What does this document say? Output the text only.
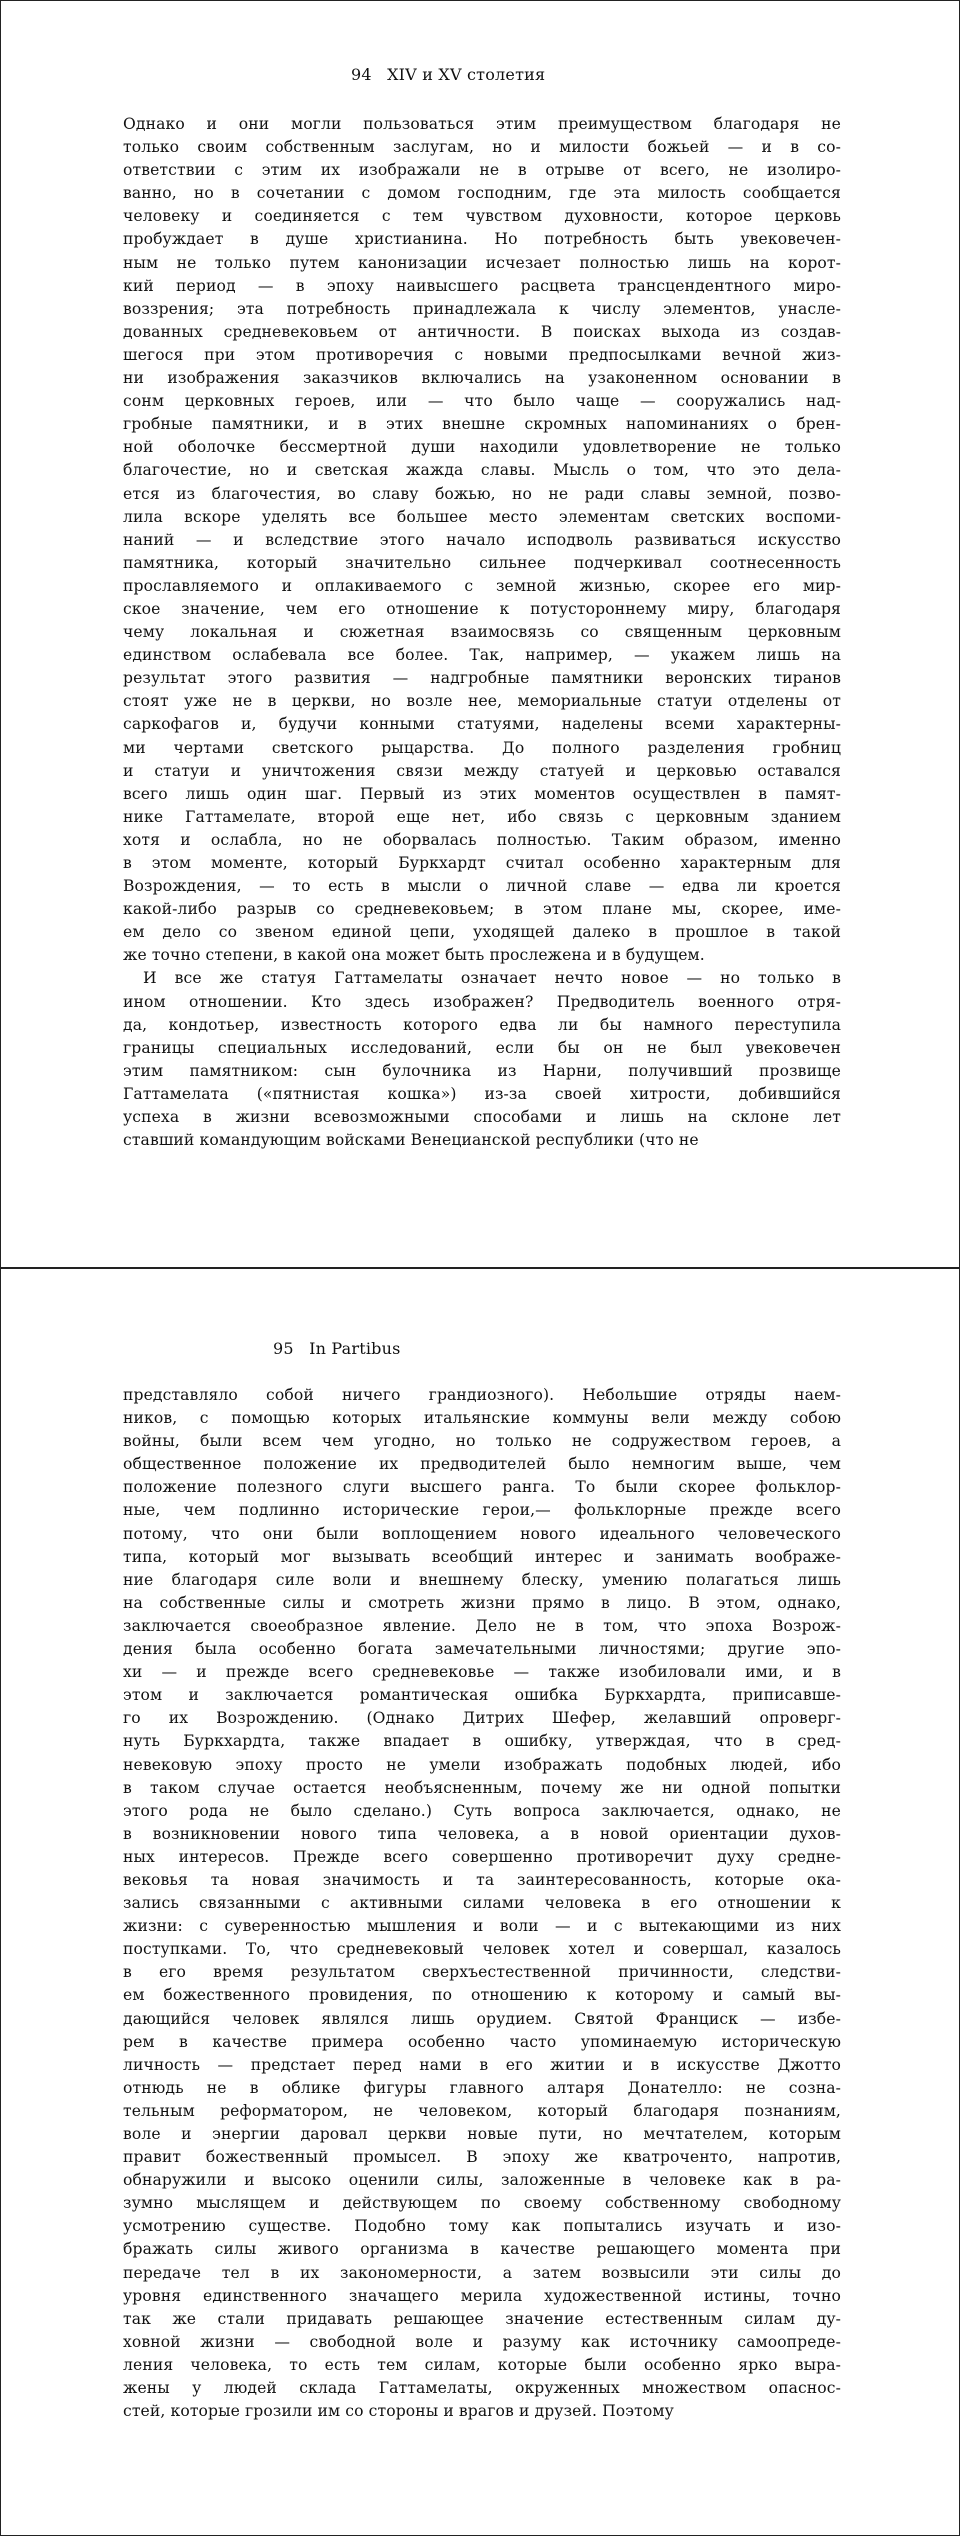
94 XIV и XV столетия
Однако и они могли пользоваться этим преимуществом благодаря не
только своим собственным заслугам, но и милости божьей — и в со-
ответствии с этим их изображали не в отрыве от всего, не изолиро-
ванно, но в сочетании с домом господним, где эта милость сообщается
человеку и соединяется с тем чувством духовности, которое церковь
пробуждает в душе христианина. Но потребность быть увековечен-
ным не только путем канонизации исчезает полностью лишь на корот-
кий период — в эпоху наивысшего расцвета трансцендентного миро-
воззрения; эта потребность принадлежала к числу элементов, унасле-
дованных средневековьем от античности. В поисках выхода из создав-
шегося при этом противоречия с новыми предпосылками вечной жиз-
ни изображения заказчиков включались на узаконенном основании в
сонм церковных героев, или — что было чаще — сооружались над-
гробные памятники, и в этих внешне скромных напоминаниях о брен-
ной оболочке бессмертной души находили удовлетворение не только
благочестие, но и светская жажда славы. Мысль о том, что это дела-
ется из благочестия, во славу божью, но не ради славы земной, позво-
лила вскоре уделять все большее место элементам светских воспоми-
наний — и вследствие этого начало исподволь развиваться искусство
памятника, который значительно сильнее подчеркивал соотнесенность
прославляемого и оплакиваемого с земной жизнью, скорее его мир-
ское значение, чем его отношение к потустороннему миру, благодаря
чему локальная и сюжетная взаимосвязь со священным церковным
единством ослабевала все более. Так, например, — укажем лишь на
результат этого развития — надгробные памятники веронских тиранов
стоят уже не в церкви, но возле нее, мемориальные статуи отделены от
саркофагов и, будучи конными статуями, наделены всеми характерны-
ми чертами светского рыцарства. До полного разделения гробниц
и статуи и уничтожения связи между статуей и церковью оставался
всего лишь один шаг. Первый из этих моментов осуществлен в памят-
нике Гаттамелате, второй еще нет, ибо связь с церковным зданием
хотя и ослабла, но не оборвалась полностью. Таким образом, именно
в этом моменте, который Буркхардт считал особенно характерным для
Возрождения, — то есть в мысли о личной славе — едва ли кроется
какой-либо разрыв со средневековьем; в этом плане мы, скорее, име-
ем дело со звеном единой цепи, уходящей далеко в прошлое в такой
же точно степени, в какой она может быть прослежена и в будущем.
И все же статуя Гаттамелаты означает нечто новое — но только в
ином отношении. Кто здесь изображен? Предводитель военного отря-
да, кондотьер, известность которого едва ли бы намного переступила
границы специальных исследований, если бы он не был увековечен
этим памятником: сын булочника из Нарни, получивший прозвище
Гаттамелата («пятнистая кошка») из-за своей хитрости, добившийся
успеха в жизни всевозможными способами и лишь на склоне лет
ставший командующим войсками Венецианской республики (что не
95 In Partibus
представляло собой ничего грандиозного). Небольшие отряды наем-
ников, с помощью которых итальянские коммуны вели между собою
войны, были всем чем угодно, но только не содружеством героев, а
общественное положение их предводителей было немногим выше, чем
положение полезного слуги высшего ранга. То были скорее фольклор-
ные, чем подлинно исторические герои,— фольклорные прежде всего
потому, что они были воплощением нового идеального человеческого
типа, который мог вызывать всеобщий интерес и занимать воображе-
ние благодаря силе воли и внешнему блеску, умению полагаться лишь
на собственные силы и смотреть жизни прямо в лицо. В этом, однако,
заключается своеобразное явление. Дело не в том, что эпоха Возрож-
дения была особенно богата замечательными личностями; другие эпо-
хи — и прежде всего средневековье — также изобиловали ими, и в
этом и заключается романтическая ошибка Буркхардта, приписавше-
го их Возрождению. (Однако Дитрих Шефер, желавший опроверг-
нуть Буркхардта, также впадает в ошибку, утверждая, что в сред-
невековую эпоху просто не умели изображать подобных людей, ибо
в таком случае остается необъясненным, почему же ни одной попытки
этого рода не было сделано.) Суть вопроса заключается, однако, не
в возникновении нового типа человека, а в новой ориентации духов-
ных интересов. Прежде всего совершенно противоречит духу средне-
вековья та новая значимость и та заинтересованность, которые ока-
зались связанными с активными силами человека в его отношении к
жизни: с суверенностью мышления и воли — и с вытекающими из них
поступками. То, что средневековый человек хотел и совершал, казалось
в его время результатом сверхъестественной причинности, следстви-
ем божественного провидения, по отношению к которому и самый вы-
дающийся человек являлся лишь орудием. Святой Франциск — избе-
рем в качестве примера особенно часто упоминаемую историческую
личность — предстает перед нами в его житии и в искусстве Джотто
отнюдь не в облике фигуры главного алтаря Донателло: не созна-
тельным реформатором, не человеком, который благодаря познаниям,
воле и энергии даровал церкви новые пути, но мечтателем, которым
правит божественный промысел. В эпоху же кватроченто, напротив,
обнаружили и высоко оценили силы, заложенные в человеке как в ра-
зумно мыслящем и действующем по своему собственному свободному
усмотрению существе. Подобно тому как попытались изучать и изо-
бражать силы живого организма в качестве решающего момента при
передаче тел в их закономерности, а затем возвысили эти силы до
уровня единственного значащего мерила художественной истины, точно
так же стали придавать решающее значение естественным силам ду-
ховной жизни — свободной воле и разуму как источнику самоопреде-
ления человека, то есть тем силам, которые были особенно ярко выра-
жены у людей склада Гаттамелаты, окруженных множеством опаснос-
стей, которые грозили им со стороны и врагов и друзей. Поэтому
